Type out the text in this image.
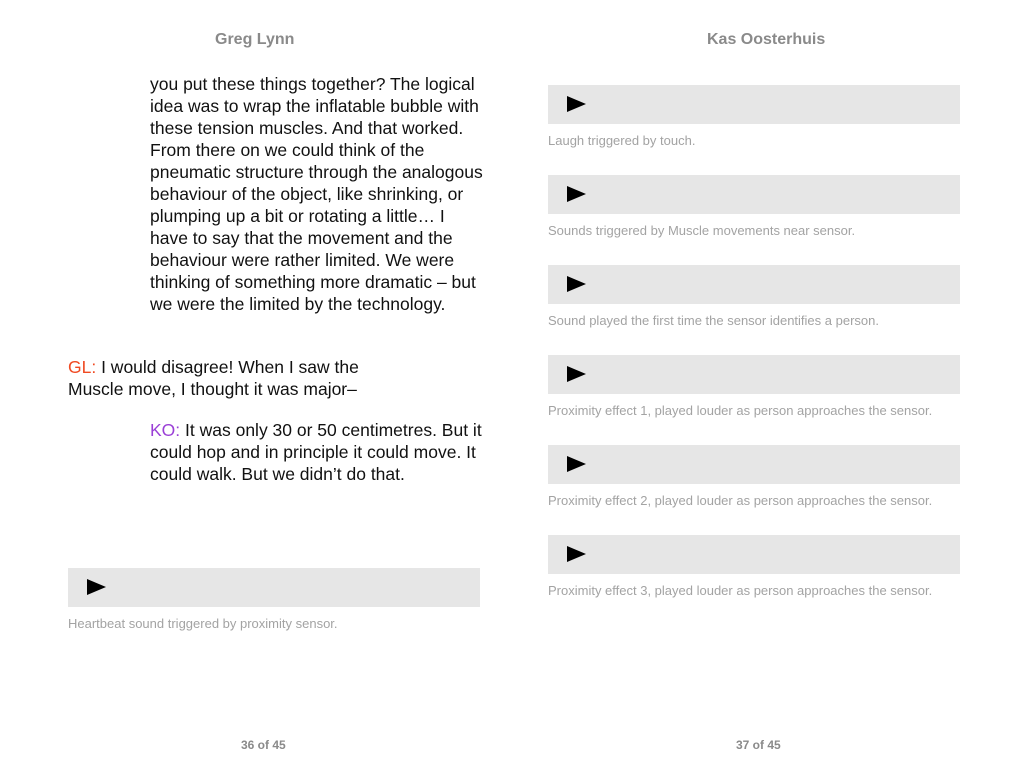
Greg Lynn

you put these things together? The logical idea was to wrap the inflatable bubble with these tension muscles. And that worked. From there on we could think of the pneumatic structure through the analogous behaviour of the object, like shrinking, or plumping up a bit or rotating a little… I have to say that the movement and the behaviour were rather limited. We were thinking of something more dramatic – but we were the limited by the technology.

GL: I would disagree! When I saw the Muscle move, I thought it was major–

KO: It was only 30 or 50 centimetres. But it could hop and in principle it could move. It could walk. But we didn’t do that.

Heartbeat sound triggered by proximity sensor.

36 of 45
Kas Oosterhuis

Laugh triggered by touch.

Sounds triggered by Muscle movements near sensor.

Sound played the first time the sensor identifies a person.

Proximity effect 1, played louder as person approaches the sensor.

Proximity effect 2, played louder as person approaches the sensor.

Proximity effect 3, played louder as person approaches the sensor.

37 of 45
